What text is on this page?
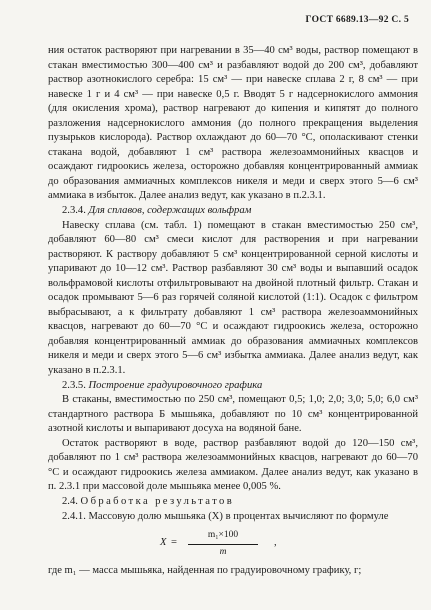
ГОСТ 6689.13—92 С. 5

ния остаток растворяют при нагревании в 35—40 см³ воды, раствор помещают в стакан вместимостью 300—400 см³ и разбавляют водой до 200 см³, добавляют раствор азотнокислого серебра: 15 см³ — при навеске сплава 2 г, 8 см³ — при навеске 1 г и 4 см³ — при навеске 0,5 г. Вводят 5 г надсернокислого аммония (для окисления хрома), раствор нагревают до кипения и кипятят до полного разложения надсернокислого аммония (до полного прекращения выделения пузырьков кислорода). Раствор охлаждают до 60—70 °С, ополаскивают стенки стакана водой, добавляют 1 см³ раствора железоаммонийных квасцов и осаждают гидроокись железа, осторожно добавляя концентрированный аммиак до образования аммиачных комплексов никеля и меди и сверх этого 5—6 см³ аммиака в избыток. Далее анализ ведут, как указано в п.2.3.1.

2.3.4. Для сплавов, содержащих вольфрам

Навеску сплава (см. табл. 1) помещают в стакан вместимостью 250 см³, добавляют 60—80 см³ смеси кислот для растворения и при нагревании растворяют. К раствору добавляют 5 см³ концентрированной серной кислоты и упаривают до 10—12 см³. Раствор разбавляют 30 см³ воды и выпавший осадок вольфрамовой кислоты отфильтровывают на двойной плотный фильтр. Стакан и осадок промывают 5—6 раз горячей соляной кислотой (1:1). Осадок с фильтром выбрасывают, а к фильтрату добавляют 1 см³ раствора железоаммонийных квасцов, нагревают до 60—70 °С и осаждают гидроокись железа, осторожно добавляя концентрированный аммиак до образования аммиачных комплексов никеля и меди и сверх этого 5—6 см³ избытка аммиака. Далее анализ ведут, как указано в п.2.3.1.

2.3.5. Построение градуировочного графика

В стаканы, вместимостью по 250 см³, помещают 0,5; 1,0; 2,0; 3,0; 5,0; 6,0 см³ стандартного раствора Б мышьяка, добавляют по 10 см³ концентрированной азотной кислоты и выпаривают досуха на водяной бане.

Остаток растворяют в воде, раствор разбавляют водой до 120—150 см³, добавляют по 1 см³ раствора железоаммонийных квасцов, нагревают до 60—70 °С и осаждают гидроокись железа аммиаком. Далее анализ ведут, как указано в п. 2.3.1 при массовой доле мышьяка менее 0,005 %.

2.4. Обработка результатов

2.4.1. Массовую долю мышьяка (X) в процентах вычисляют по формуле

$X = \frac{\text{m₁×100}}{m}$ ,

где m₁ — масса мышьяка, найденная по градуировочному графику, г;
